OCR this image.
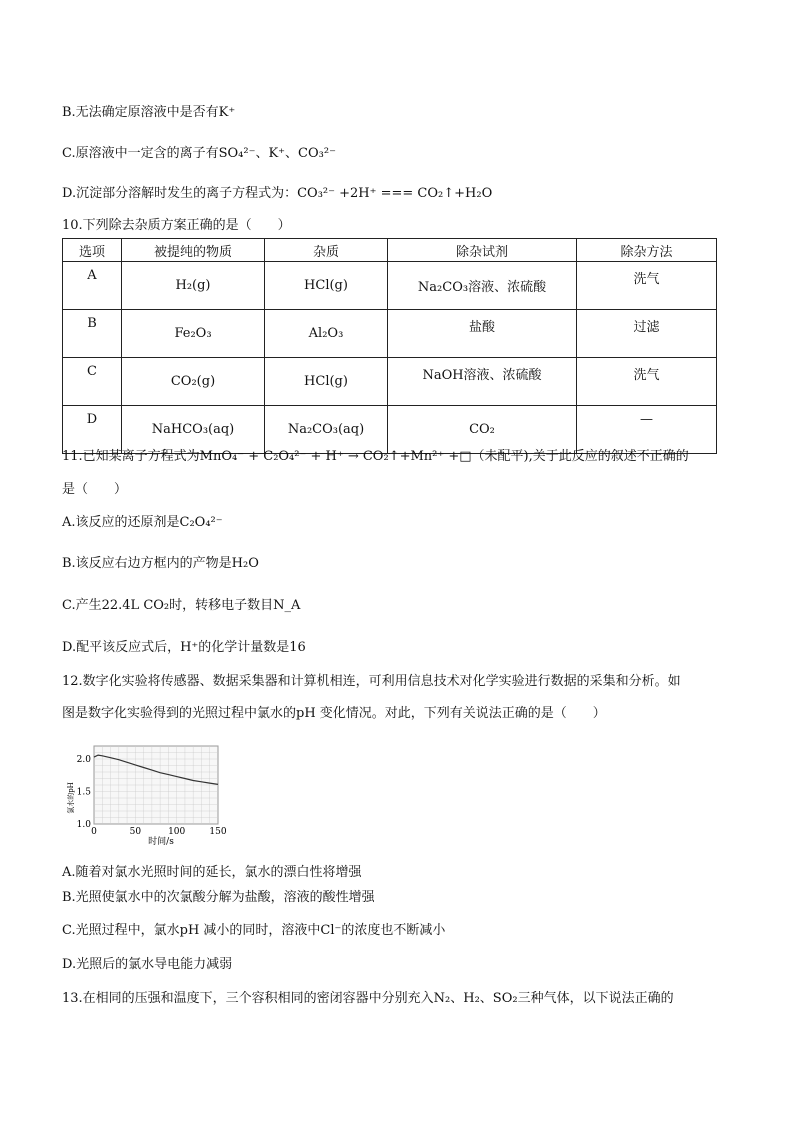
B.无法确定原溶液中是否有K⁺
C.原溶液中一定含的离子有SO₄²⁻、K⁺、CO₃²⁻
D.沉淀部分溶解时发生的离子方程式为：CO₃²⁻ +2H⁺ === CO₂↑+H₂O
10.下列除去杂质方案正确的是（　　）
选项	被提纯的物质	杂质	除杂试剂	除杂方法
A	H₂(g)	HCl(g)	Na₂CO₃溶液、浓硫酸	洗气
B	Fe₂O₃	Al₂O₃	盐酸	过滤
C	CO₂(g)	HCl(g)	NaOH溶液、浓硫酸	洗气
D	NaHCO₃(aq)	Na₂CO₃(aq)	CO₂	—
11.已知某离子方程式为MnO₄⁻ + C₂O₄²⁻ + H⁺ → CO₂↑+Mn²⁺ +□（未配平),关于此反应的叙述不正确的
是（　　）
A.该反应的还原剂是C₂O₄²⁻
B.该反应右边方框内的产物是H₂O
C.产生22.4L CO₂时，转移电子数目N_A
D.配平该反应式后，H⁺的化学计量数是16
12.数字化实验将传感器、数据采集器和计算机相连，可利用信息技术对化学实验进行数据的采集和分析。如
图是数字化实验得到的光照过程中氯水的pH 变化情况。对此，下列有关说法正确的是（　　）
0	50	100	150
1.0
1.5
2.0
时间/s
氯水的pH
A.随着对氯水光照时间的延长，氯水的漂白性将增强
B.光照使氯水中的次氯酸分解为盐酸，溶液的酸性增强
C.光照过程中，氯水pH 减小的同时，溶液中Cl⁻的浓度也不断减小
D.光照后的氯水导电能力减弱
13.在相同的压强和温度下，三个容积相同的密闭容器中分别充入N₂、H₂、SO₂三种气体，以下说法正确的
